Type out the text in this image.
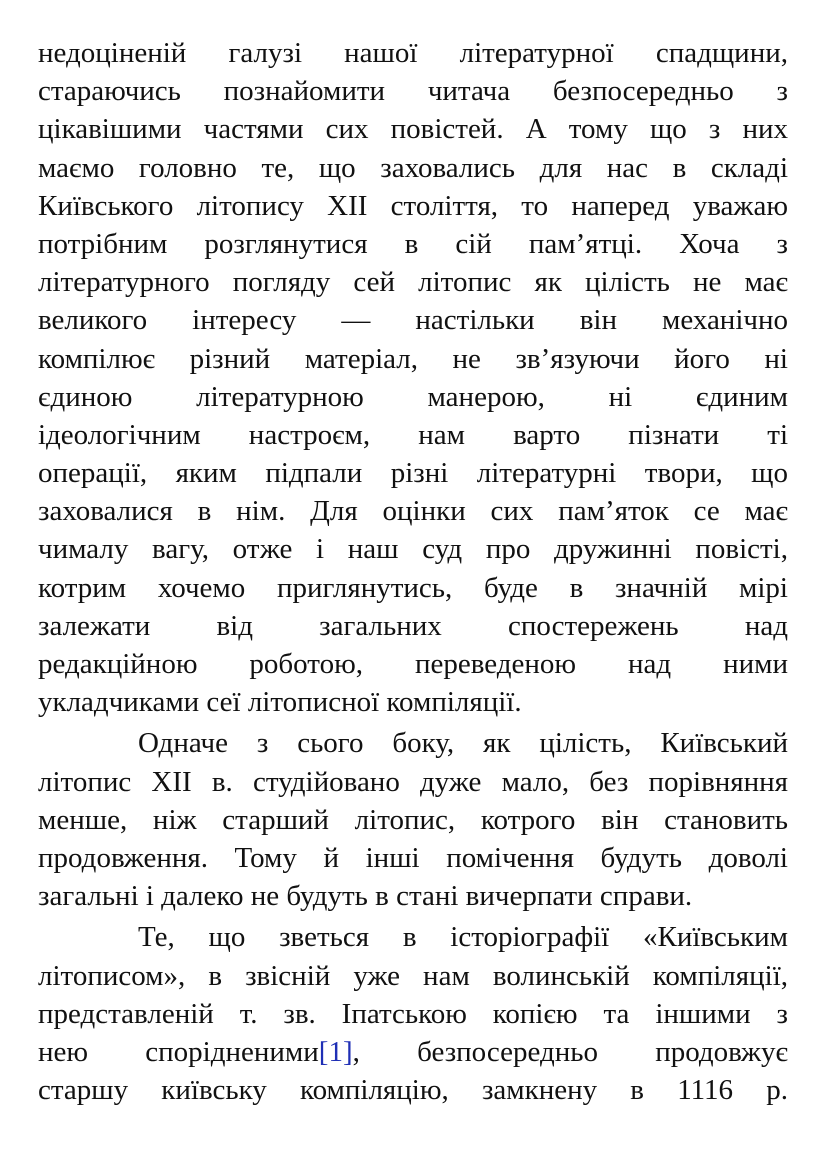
недоціненій галузі нашої літературної спадщини,
стараючись познайомити читача безпосередньо з
цікавішими частями сих повістей. А тому що з них
маємо головно те, що заховались для нас в складі
Київського літопису XII століття, то наперед уважаю
потрібним розглянутися в сій пам’ятці. Хоча з
літературного погляду сей літопис як цілість не має
великого інтересу — настільки він механічно
компілює різний матеріал, не зв’язуючи його ні
єдиною літературною манерою, ні єдиним
ідеологічним настроєм, нам варто пізнати ті
операції, яким підпали різні літературні твори, що
заховалися в нім. Для оцінки сих пам’яток се має
чималу вагу, отже і наш суд про дружинні повісті,
котрим хочемо приглянутись, буде в значній мірі
залежати від загальних спостережень над
редакційною роботою, переведеною над ними
укладчиками сеї літописної компіляції.
Одначе з сього боку, як цілість, Київський
літопис XII в. студійовано дуже мало, без порівняння
менше, ніж старший літопис, котрого він становить
продовження. Тому й інші помічення будуть доволі
загальні і далеко не будуть в стані вичерпати справи.
Те, що зветься в історіографії «Київським
літописом», в звісній уже нам волинській компіляції,
представленій т. зв. Іпатською копією та іншими з
нею спорідненими[1], безпосередньо продовжує
старшу київську компіляцію, замкнену в 1116 р.
